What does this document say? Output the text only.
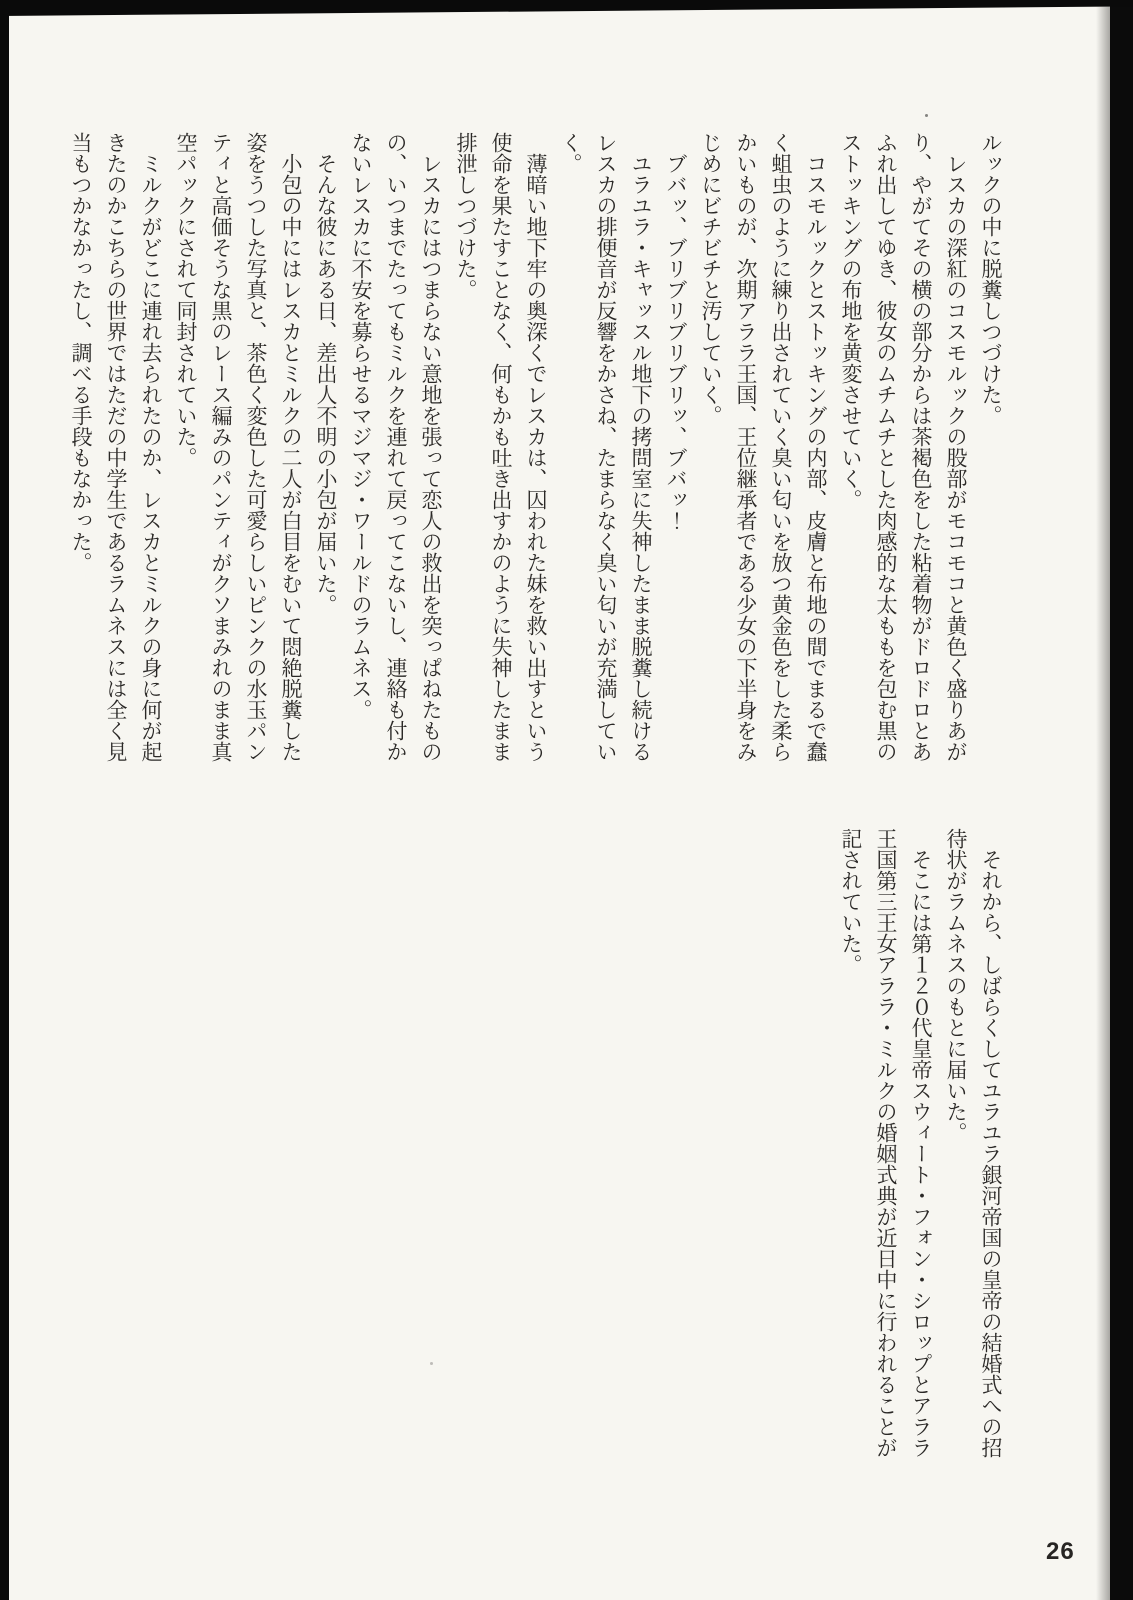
ルックの中に脱糞しつづけた。
レスカの深紅のコスモルックの股部がモコモコと黄色く盛りあが
り、やがてその横の部分からは茶褐色をした粘着物がドロドロとあ
ふれ出してゆき、彼女のムチムチとした肉感的な太ももを包む黒の
ストッキングの布地を黄変させていく。
コスモルックとストッキングの内部、皮膚と布地の間でまるで蠢
く蛆虫のように練り出されていく臭い匂いを放つ黄金色をした柔ら
かいものが、次期アララ王国、王位継承者である少女の下半身をみ
じめにビチビチと汚していく。
ブバッ、ブリブリブリブリッ、ブバッ！
ユラユラ・キャッスル地下の拷問室に失神したまま脱糞し続ける
レスカの排便音が反響をかさね、たまらなく臭い匂いが充満してい
く。
薄暗い地下牢の奥深くでレスカは、囚われた妹を救い出すという
使命を果たすことなく、何もかも吐き出すかのように失神したまま
排泄しつづけた。
レスカにはつまらない意地を張って恋人の救出を突っぱねたもの
の、いつまでたってもミルクを連れて戻ってこないし、連絡も付か
ないレスカに不安を募らせるマジマジ・ワールドのラムネス。
そんな彼にある日、差出人不明の小包が届いた。
小包の中にはレスカとミルクの二人が白目をむいて悶絶脱糞した
姿をうつした写真と、茶色く変色した可愛らしいピンクの水玉パン
ティと高価そうな黒のレース編みのパンティがクソまみれのまま真
空パックにされて同封されていた。
ミルクがどこに連れ去られたのか、レスカとミルクの身に何が起
きたのかこちらの世界ではただの中学生であるラムネスには全く見
当もつかなかったし、調べる手段もなかった。
それから、しばらくしてユラユラ銀河帝国の皇帝の結婚式への招
待状がラムネスのもとに届いた。
そこには第１２０代皇帝スウィート・フォン・シロップとアララ
王国第三王女アララ・ミルクの婚姻式典が近日中に行われることが
記されていた。
26
